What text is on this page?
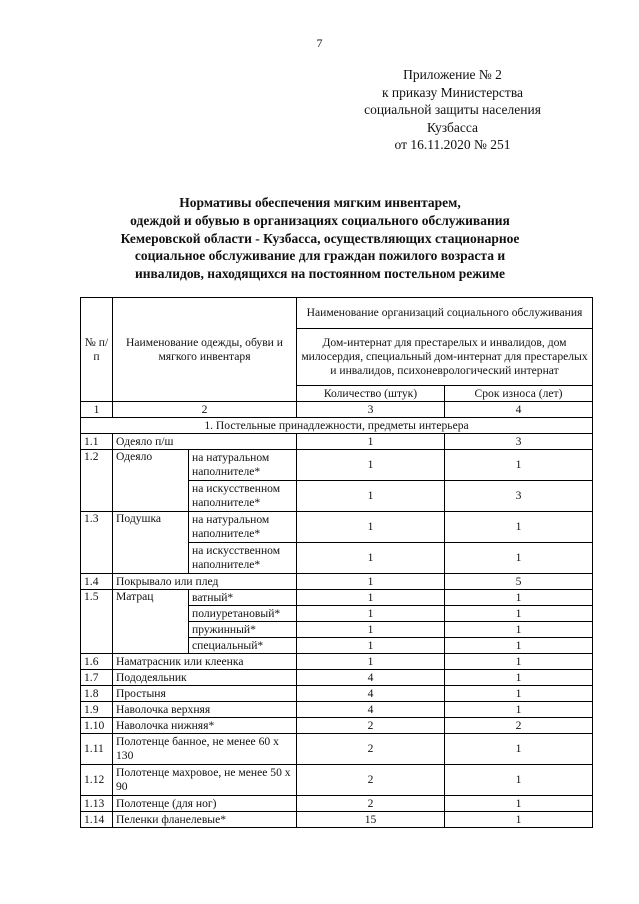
7
Приложение № 2
к приказу Министерства
социальной защиты населения
Кузбасса
от 16.11.2020 № 251
Нормативы обеспечения мягким инвентарем,
одеждой и обувью в организациях социального обслуживания
Кемеровской области - Кузбасса, осуществляющих стационарное
социальное обслуживание для граждан пожилого возраста и
инвалидов, находящихся на постоянном постельном режиме
№ п/п	Наименование одежды, обуви и мягкого инвентаря		Наименование организаций социального обслуживания	
			Дом-интернат для престарелых и инвалидов, дом милосердия, специальный дом-интернат для престарелых и инвалидов, психоневрологический интернат	
			Количество (штук)	Срок износа (лет)
1	2		3	4
1. Постельные принадлежности, предметы интерьера				
1.1	Одеяло п/ш		1	3
1.2	Одеяло	на натуральном наполнителе*	1	1
		на искусственном наполнителе*	1	3
1.3	Подушка	на натуральном наполнителе*	1	1
		на искусственном наполнителе*	1	1
1.4	Покрывало или плед		1	5
1.5	Матрац	ватный*	1	1
		полиуретановый*	1	1
		пружинный*	1	1
		специальный*	1	1
1.6	Наматрасник или клеенка		1	1
1.7	Пододеяльник		4	1
1.8	Простыня		4	1
1.9	Наволочка верхняя		4	1
1.10	Наволочка нижняя*		2	2
1.11	Полотенце банное, не менее 60 х 130		2	1
1.12	Полотенце махровое, не менее 50 х 90		2	1
1.13	Полотенце (для ног)		2	1
1.14	Пеленки фланелевые*		15	1
